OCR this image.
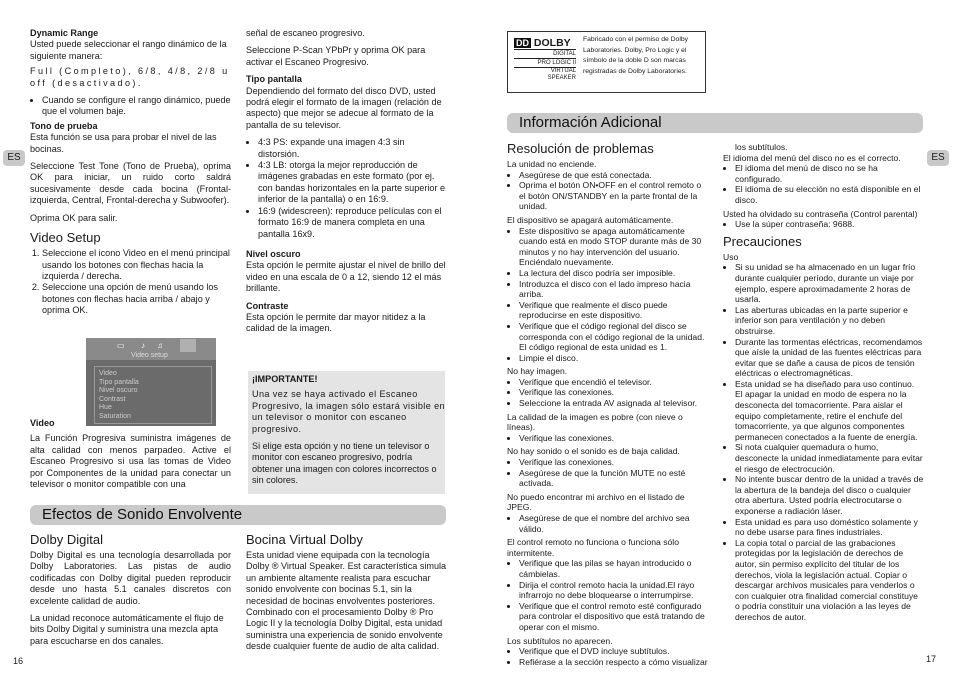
ES
16
Dynamic Range
Usted puede seleccionar el rango dinámico de la siguiente manera:

Full (Completo), 6/8, 4/8, 2/8 u off (desactivado).

• Cuando se configure el rango dinámico, puede que el volumen baje.
Tono de prueba

Esta función se usa para probar el nivel de las bocinas.

Seleccione Test Tone (Tono de Prueba), oprima OK para iniciar, un ruido corto saldrá sucesivamente desde cada bocina (Frontal-izquierda, Central, Frontal-derecha y Subwoofer).

Oprima OK para salir.

Video Setup
1. Seleccione el icono Video en el menú principal usando los botones con flechas hacia la izquierda / derecha.
2. Seleccione una opción de menú usando los botones con flechas hacia arriba / abajo y oprima OK.
▭ ♪ ♫
Video setup
Video
Tipo pantalla
Nivel oscuro
Contrast
Hue
Saturation
Video
La Función Progresiva suministra imágenes de alta calidad con menos parpadeo. Active el Escaneo Progresivo si usa las tomas de Video por Componentes de la unidad para conectar un televisor o monitor compatible con una

señal de escaneo progresivo.

Seleccione P-Scan YPbPr y oprima OK para activar el Escaneo Progresivo.

Tipo pantalla

Dependiendo del formato del disco DVD, usted podrá elegir el formato de la imagen (relación de aspecto) que mejor se adecue al formato de la pantalla de su televisor.

• 4:3 PS: expande una imagen 4:3 sin distorsión.
• 4:3 LB: otorga la mejor reproducción de imágenes grabadas en este formato (por ej. con bandas horizontales en la parte superior e inferior de la pantalla) o en 16:9.
• 16:9 (widescreen): reproduce películas con el formato 16:9 de manera completa en una pantalla 16x9.
Nivel oscuro

Esta opción le permite ajustar el nivel de brillo del video en una escala de 0 a 12, siendo 12 el más brillante.

Contraste

Esta opción le permite dar mayor nitidez a la calidad de la imagen.

¡IMPORTANTE!

Una vez se haya activado el Escaneo Progresivo, la imagen sólo estará visible en un televisor o monitor con escaneo progresivo.

Si elige esta opción y no tiene un televisor o monitor con escaneo progresivo, podría obtener una imagen con colores incorrectos o sin colores.

Efectos de Sonido Envolvente
Dolby Digital

Dolby Digital es una tecnología desarrollada por Dolby Laboratories. Las pistas de audio codificadas con Dolby digital pueden reproducir desde uno hasta 5.1 canales discretos con excelente calidad de audio.

La unidad reconoce automáticamente el flujo de bits Dolby Digital y suministra una mezcla apta para escucharse en dos canales.

Bocina Virtual Dolby

Esta unidad viene equipada con la tecnología Dolby ® Virtual Speaker. Est característica simula un ambiente altamente realista para escuchar sonido envolvente con bocinas 5.1, sin la necesidad de bocinas envolventes posteriores. Combinado con el procesamiento Dolby ® Pro Logic II y la tecnología Dolby Digital, esta unidad suministra una experiencia de sonido envolvente desde cualquier fuente de audio de alta calidad.

ES
17
DD DOLBY
DIGITAL
PRO LOGIC II
VIRTUAL
SPEAKER
Fabricado con el permiso de Dolby Laboratories. Dolby, Pro Logic y el símbolo de la doble D son marcas registradas de Dolby Laboratories.
Información Adicional
Resolución de problemas
La unidad no enciende.
• Asegúrese de que está conectada.
• Oprima el botón ON•OFF en el control remoto o el botón ON/STANDBY en la parte frontal de la unidad.
El dispositivo se apagará automáticamente.
• Este dispositivo se apaga automáticamente cuando está en modo STOP durante más de 30 minutos y no hay intervención del usuario. Enciéndalo nuevamente.
• La lectura del disco podría ser imposible.
• Introduzca el disco con el lado impreso hacia arriba.
• Verifique que realmente el disco puede reproducirse en este dispositivo.
• Verifique que el código regional del disco se corresponda con el código regional de la unidad. El código regional de esta unidad es 1.
• Limpie el disco.
No hay imagen.
• Verifique que encendió el televisor.
• Verifique las conexiones.
• Seleccione la entrada AV asignada al televisor.
La calidad de la imagen es pobre (con nieve o líneas).
• Verifique las conexiones.
No hay sonido o el sonido es de baja calidad.
• Verifique las conexiones.
• Asegúrese de que la función MUTE no esté activada.
No puedo encontrar mi archivo en el listado de JPEG.
• Asegúrese de que el nombre del archivo sea válido.
El control remoto no funciona o funciona sólo intermitente.
• Verifique que las pilas se hayan introducido o cámbielas.
• Dirija el control remoto hacia la unidad.El rayo infrarrojo no debe bloquearse o interrumpirse.
• Verifique que el control remoto esté configurado para controlar el dispositivo que está tratando de operar con el mismo.
Los subtítulos no aparecen.
• Verifique que el DVD incluye subtítulos.
• Refiérase a la sección respecto a cómo visualizar
los subtítulos.
El idioma del menú del disco no es el correcto.
• El idioma del menú de disco no se ha configurado.
• El idioma de su elección no está disponible en el disco.
Usted ha olvidado su contraseña (Control parental)
• Use la súper contraseña: 9688.
Precauciones
Uso
• Si su unidad se ha almacenado en un lugar frío durante cualquier período, durante un viaje por ejemplo, espere aproximadamente 2 horas de usarla.
• Las aberturas ubicadas en la parte superior e inferior son para ventilación y no deben obstruirse.
• Durante las tormentas eléctricas, recomendamos que aísle la unidad de las fuentes eléctricas para evitar que se dañe a causa de picos de tensión eléctricas o electromagnéticas.
• Esta unidad se ha diseñado para uso continuo. El apagar la unidad en modo de espera no la desconecta del tomacorriente. Para aislar el equipo completamente, retire el enchufe del tomacorriente, ya que algunos componentes permanecen conectados a la fuente de energía.
• Si nota cualquier quemadura o humo, desconecte la unidad inmediatamente para evitar el riesgo de electrocución.
• No intente buscar dentro de la unidad a través de la abertura de la bandeja del disco o cualquier otra abertura. Usted podría electrocutarse o exponerse a radiación láser.
• Esta unidad es para uso doméstico solamente y no debe usarse para fines industriales.
• La copia total o parcial de las grabaciones protegidas por la legislación de derechos de autor, sin permiso explícito del titular de los derechos, viola la legislación actual. Copiar o descargar archivos musicales para venderlos o con cualquier otra finalidad comercial constituye o podría constituir una violación a las leyes de derechos de autor.
